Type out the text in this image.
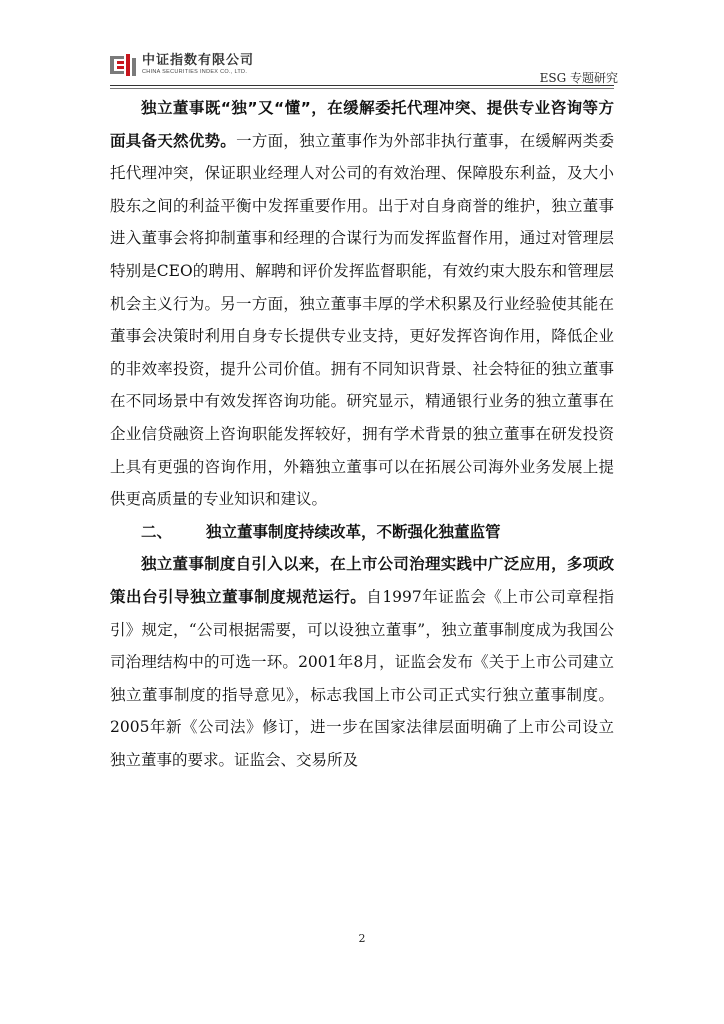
中证指数有限公司
CHINA SECURITIES INDEX CO., LTD.	ESG 专题研究

独立董事既“独”又“懂”，在缓解委托代理冲突、提供专业咨询等方面具备天然优势。一方面，独立董事作为外部非执行董事，在缓解两类委托代理冲突，保证职业经理人对公司的有效治理、保障股东利益，及大小股东之间的利益平衡中发挥重要作用。出于对自身商誉的维护，独立董事进入董事会将抑制董事和经理的合谋行为而发挥监督作用，通过对管理层特别是CEO的聘用、解聘和评价发挥监督职能，有效约束大股东和管理层机会主义行为。另一方面，独立董事丰厚的学术积累及行业经验使其能在董事会决策时利用自身专长提供专业支持，更好发挥咨询作用，降低企业的非效率投资，提升公司价值。拥有不同知识背景、社会特征的独立董事在不同场景中有效发挥咨询功能。研究显示，精通银行业务的独立董事在企业信贷融资上咨询职能发挥较好，拥有学术背景的独立董事在研发投资上具有更强的咨询作用，外籍独立董事可以在拓展公司海外业务发展上提供更高质量的专业知识和建议。

二、 独立董事制度持续改革，不断强化独董监管

独立董事制度自引入以来，在上市公司治理实践中广泛应用，多项政策出台引导独立董事制度规范运行。自1997年证监会《上市公司章程指引》规定，“公司根据需要，可以设独立董事”，独立董事制度成为我国公司治理结构中的可选一环。2001年8月，证监会发布《关于上市公司建立独立董事制度的指导意见》，标志我国上市公司正式实行独立董事制度。2005年新《公司法》修订，进一步在国家法律层面明确了上市公司设立独立董事的要求。证监会、交易所及

2
